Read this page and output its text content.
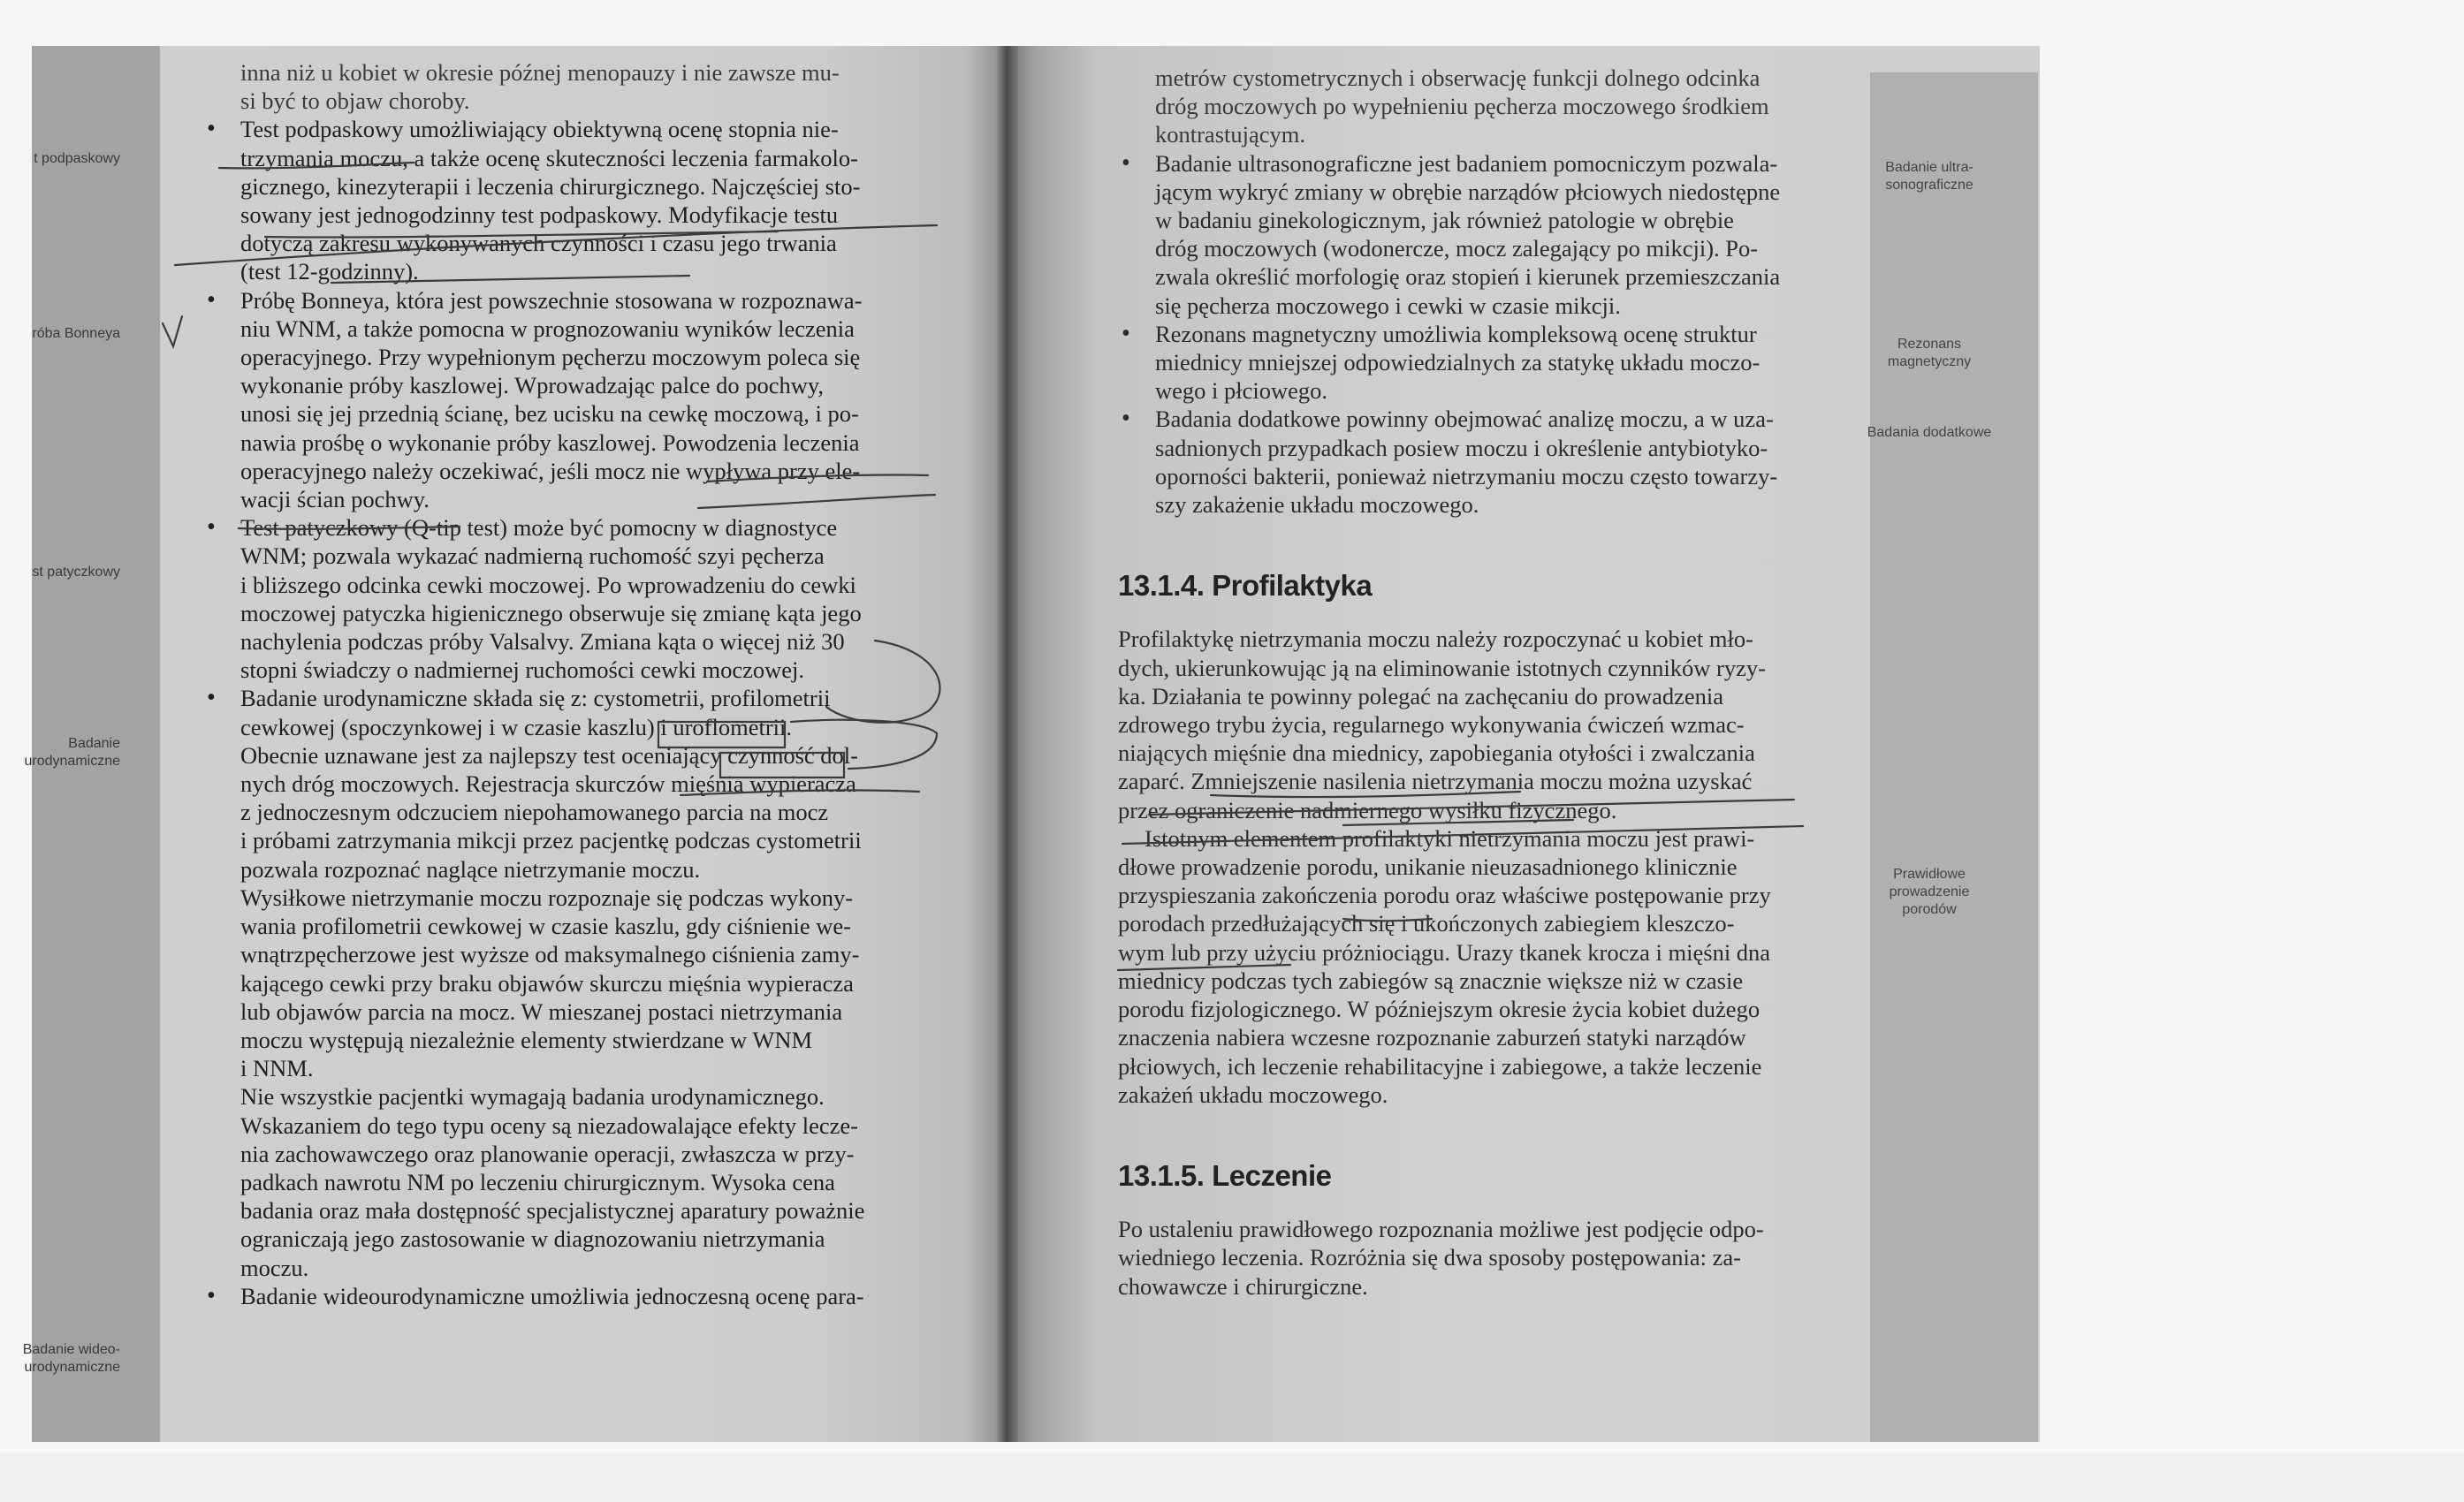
t podpaskowy
róba Bonneya
st patyczkowy
Badanie urodynamiczne
Badanie wideo-urodynamiczne
Badanie ultra-sonograficzne
Rezonans magnetyczny
Badania dodatkowe
Prawidłowe prowadzenie porodów

inna niż u kobiet w okresie późnej menopauzy i nie zawsze mu-

si być to objaw choroby.

• Test podpaskowy umożliwiający obiektywną ocenę stopnia nie-

trzymania moczu, a także ocenę skuteczności leczenia farmakolo-

gicznego, kinezyterapii i leczenia chirurgicznego. Najczęściej sto-

sowany jest jednogodzinny test podpaskowy. Modyfikacje testu

dotyczą zakresu wykonywanych czynności i czasu jego trwania

(test 12-godzinny).

• Próbę Bonneya, która jest powszechnie stosowana w rozpoznawa-

niu WNM, a także pomocna w prognozowaniu wyników leczenia

operacyjnego. Przy wypełnionym pęcherzu moczowym poleca się

wykonanie próby kaszlowej. Wprowadzając palce do pochwy,

unosi się jej przednią ścianę, bez ucisku na cewkę moczową, i po-

nawia prośbę o wykonanie próby kaszlowej. Powodzenia leczenia

operacyjnego należy oczekiwać, jeśli mocz nie wypływa przy ele-

wacji ścian pochwy.

• Test patyczkowy (Q-tip test) może być pomocny w diagnostyce

WNM; pozwala wykazać nadmierną ruchomość szyi pęcherza

i bliższego odcinka cewki moczowej. Po wprowadzeniu do cewki

moczowej patyczka higienicznego obserwuje się zmianę kąta jego

nachylenia podczas próby Valsalvy. Zmiana kąta o więcej niż 30

stopni świadczy o nadmiernej ruchomości cewki moczowej.

• Badanie urodynamiczne składa się z: cystometrii, profilometrii

cewkowej (spoczynkowej i w czasie kaszlu) i uroflometrii.

Obecnie uznawane jest za najlepszy test oceniający czynność dol-

nych dróg moczowych. Rejestracja skurczów mięśnia wypieracza

z jednoczesnym odczuciem niepohamowanego parcia na mocz

i próbami zatrzymania mikcji przez pacjentkę podczas cystometrii

pozwala rozpoznać naglące nietrzymanie moczu.

Wysiłkowe nietrzymanie moczu rozpoznaje się podczas wykony-

wania profilometrii cewkowej w czasie kaszlu, gdy ciśnienie we-

wnątrzpęcherzowe jest wyższe od maksymalnego ciśnienia zamy-

kającego cewki przy braku objawów skurczu mięśnia wypieracza

lub objawów parcia na mocz. W mieszanej postaci nietrzymania

moczu występują niezależnie elementy stwierdzane w WNM

i NNM.

Nie wszystkie pacjentki wymagają badania urodynamicznego.

Wskazaniem do tego typu oceny są niezadowalające efekty lecze-

nia zachowawczego oraz planowanie operacji, zwłaszcza w przy-

padkach nawrotu NM po leczeniu chirurgicznym. Wysoka cena

badania oraz mała dostępność specjalistycznej aparatury poważnie

ograniczają jego zastosowanie w diagnozowaniu nietrzymania

moczu.

• Badanie wideourodynamiczne umożliwia jednoczesną ocenę para-

metrów cystometrycznych i obserwację funkcji dolnego odcinka

dróg moczowych po wypełnieniu pęcherza moczowego środkiem

kontrastującym.

• Badanie ultrasonograficzne jest badaniem pomocniczym pozwala-

jącym wykryć zmiany w obrębie narządów płciowych niedostępne

w badaniu ginekologicznym, jak również patologie w obrębie

dróg moczowych (wodonercze, mocz zalegający po mikcji). Po-

zwala określić morfologię oraz stopień i kierunek przemieszczania

się pęcherza moczowego i cewki w czasie mikcji.

• Rezonans magnetyczny umożliwia kompleksową ocenę struktur

miednicy mniejszej odpowiedzialnych za statykę układu moczo-

wego i płciowego.

• Badania dodatkowe powinny obejmować analizę moczu, a w uza-

sadnionych przypadkach posiew moczu i określenie antybiotyko-

oporności bakterii, ponieważ nietrzymaniu moczu często towarzy-

szy zakażenie układu moczowego.

13.1.4. Profilaktyka

Profilaktykę nietrzymania moczu należy rozpoczynać u kobiet mło-

dych, ukierunkowując ją na eliminowanie istotnych czynników ryzy-

ka. Działania te powinny polegać na zachęcaniu do prowadzenia

zdrowego trybu życia, regularnego wykonywania ćwiczeń wzmac-

niających mięśnie dna miednicy, zapobiegania otyłości i zwalczania

zaparć. Zmniejszenie nasilenia nietrzymania moczu można uzyskać

przez ograniczenie nadmiernego wysiłku fizycznego.

Istotnym elementem profilaktyki nietrzymania moczu jest prawi-

dłowe prowadzenie porodu, unikanie nieuzasadnionego klinicznie

przyspieszania zakończenia porodu oraz właściwe postępowanie przy

porodach przedłużających się i ukończonych zabiegiem kleszczo-

wym lub przy użyciu próżniociągu. Urazy tkanek krocza i mięśni dna

miednicy podczas tych zabiegów są znacznie większe niż w czasie

porodu fizjologicznego. W późniejszym okresie życia kobiet dużego

znaczenia nabiera wczesne rozpoznanie zaburzeń statyki narządów

płciowych, ich leczenie rehabilitacyjne i zabiegowe, a także leczenie

zakażeń układu moczowego.

13.1.5. Leczenie

Po ustaleniu prawidłowego rozpoznania możliwe jest podjęcie odpo-

wiedniego leczenia. Rozróżnia się dwa sposoby postępowania: za-

chowawcze i chirurgiczne.
